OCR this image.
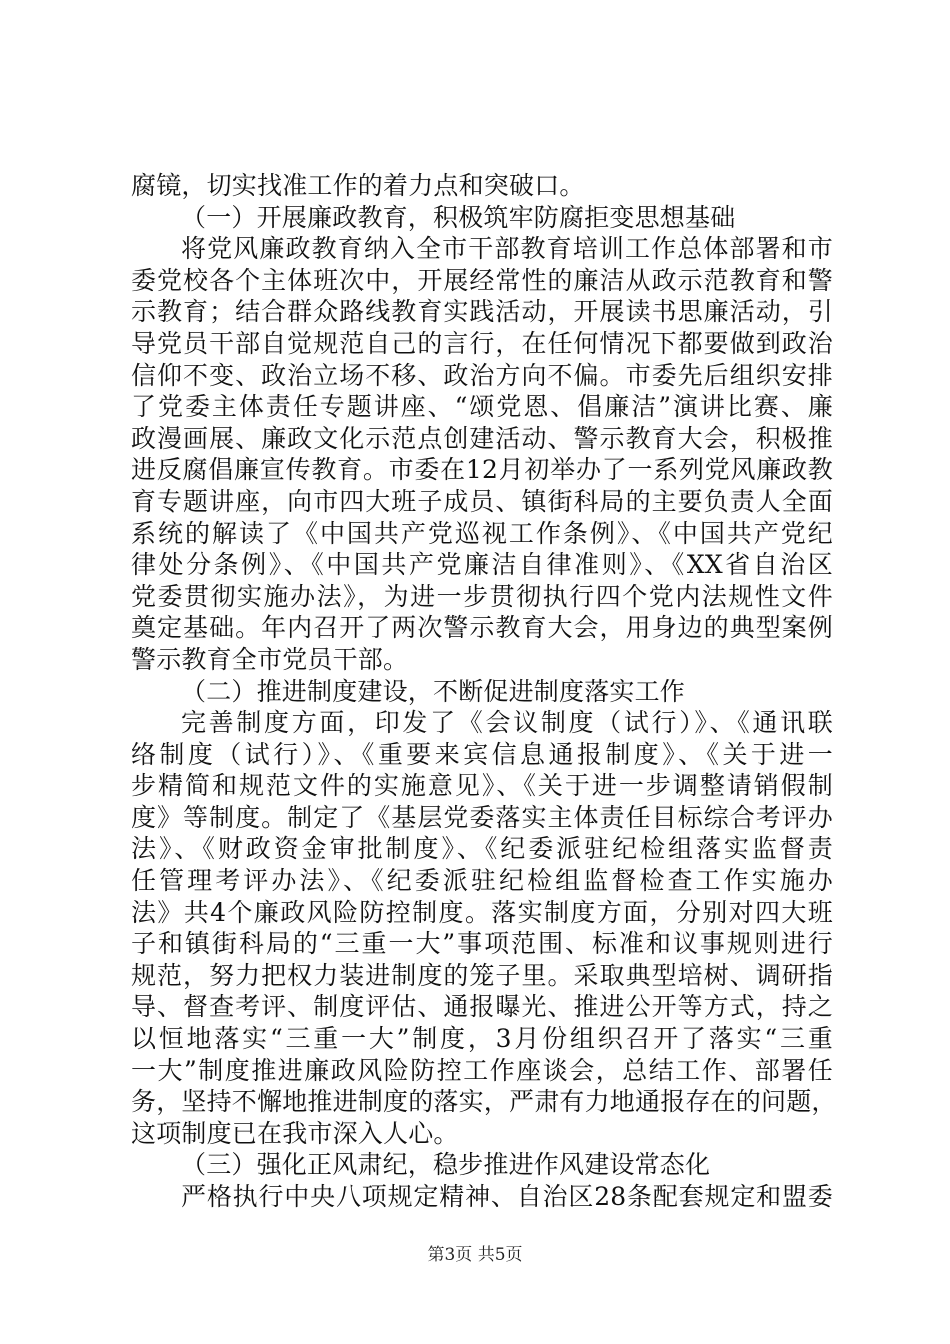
腐镜，切实找准工作的着力点和突破口。
（一）开展廉政教育，积极筑牢防腐拒变思想基础
将党风廉政教育纳入全市干部教育培训工作总体部署和市
委党校各个主体班次中，开展经常性的廉洁从政示范教育和警
示教育；结合群众路线教育实践活动，开展读书思廉活动，引
导党员干部自觉规范自己的言行，在任何情况下都要做到政治
信仰不变、政治立场不移、政治方向不偏。市委先后组织安排
了党委主体责任专题讲座、“颂党恩、倡廉洁”演讲比赛、廉
政漫画展、廉政文化示范点创建活动、警示教育大会，积极推
进反腐倡廉宣传教育。市委在12月初举办了一系列党风廉政教
育专题讲座，向市四大班子成员、镇街科局的主要负责人全面
系统的解读了《中国共产党巡视工作条例》、《中国共产党纪
律处分条例》、《中国共产党廉洁自律准则》、《XX省自治区
党委贯彻实施办法》，为进一步贯彻执行四个党内法规性文件
奠定基础。年内召开了两次警示教育大会，用身边的典型案例
警示教育全市党员干部。
（二）推进制度建设，不断促进制度落实工作
完善制度方面，印发了《会议制度（试行）》、《通讯联
络制度（试行）》、《重要来宾信息通报制度》、《关于进一
步精简和规范文件的实施意见》、《关于进一步调整请销假制
度》等制度。制定了《基层党委落实主体责任目标综合考评办
法》、《财政资金审批制度》、《纪委派驻纪检组落实监督责
任管理考评办法》、《纪委派驻纪检组监督检查工作实施办
法》共4个廉政风险防控制度。落实制度方面，分别对四大班
子和镇街科局的“三重一大”事项范围、标准和议事规则进行
规范，努力把权力装进制度的笼子里。采取典型培树、调研指
导、督查考评、制度评估、通报曝光、推进公开等方式，持之
以恒地落实“三重一大”制度，3月份组织召开了落实“三重
一大”制度推进廉政风险防控工作座谈会，总结工作、部署任
务，坚持不懈地推进制度的落实，严肃有力地通报存在的问题，
这项制度已在我市深入人心。
（三）强化正风肃纪，稳步推进作风建设常态化
严格执行中央八项规定精神、自治区28条配套规定和盟委
第3页 共5页
